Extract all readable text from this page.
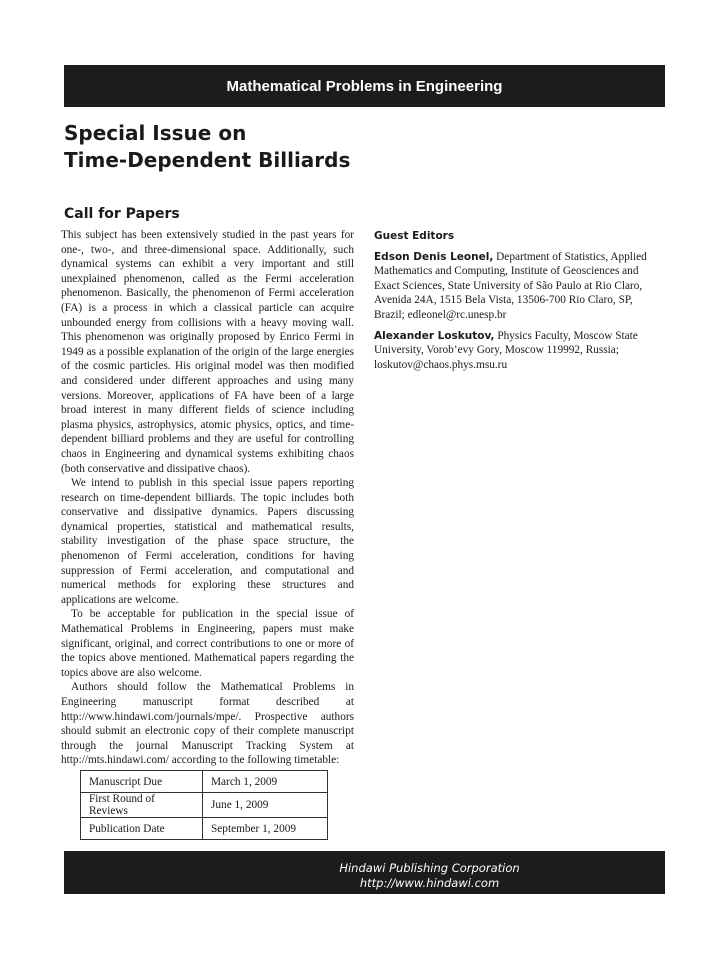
Mathematical Problems in Engineering
Special Issue on
Time-Dependent Billiards
Call for Papers

This subject has been extensively studied in the past years for one-, two-, and three-dimensional space. Additionally, such dynamical systems can exhibit a very important and still unexplained phenomenon, called as the Fermi acceleration phenomenon. Basically, the phenomenon of Fermi acceleration (FA) is a process in which a classical particle can acquire unbounded energy from collisions with a heavy moving wall. This phenomenon was originally proposed by Enrico Fermi in 1949 as a possible explanation of the origin of the large energies of the cosmic particles. His original model was then modified and considered under different approaches and using many versions. Moreover, applications of FA have been of a large broad interest in many different fields of science including plasma physics, astrophysics, atomic physics, optics, and time-dependent billiard problems and they are useful for controlling chaos in Engineering and dynamical systems exhibiting chaos (both conservative and dissipative chaos).

We intend to publish in this special issue papers reporting research on time-dependent billiards. The topic includes both conservative and dissipative dynamics. Papers discussing dynamical properties, statistical and mathematical results, stability investigation of the phase space structure, the phenomenon of Fermi acceleration, conditions for having suppression of Fermi acceleration, and computational and numerical methods for exploring these structures and applications are welcome.

To be acceptable for publication in the special issue of Mathematical Problems in Engineering, papers must make significant, original, and correct contributions to one or more of the topics above mentioned. Mathematical papers regarding the topics above are also welcome.

Authors should follow the Mathematical Problems in Engineering manuscript format described at http://www.hindawi.com/journals/mpe/. Prospective authors should submit an electronic copy of their complete manuscript through the journal Manuscript Tracking System at http://mts.hindawi.com/ according to the following timetable:

Manuscript Due	March 1, 2009
First Round of Reviews	June 1, 2009
Publication Date	September 1, 2009
Guest Editors
Edson Denis Leonel, Department of Statistics, Applied Mathematics and Computing, Institute of Geosciences and Exact Sciences, State University of São Paulo at Rio Claro, Avenida 24A, 1515 Bela Vista, 13506-700 Rio Claro, SP, Brazil; edleonel@rc.unesp.br
Alexander Loskutov, Physics Faculty, Moscow State University, Vorob’evy Gory, Moscow 119992, Russia; loskutov@chaos.phys.msu.ru
Hindawi Publishing Corporation
http://www.hindawi.com
